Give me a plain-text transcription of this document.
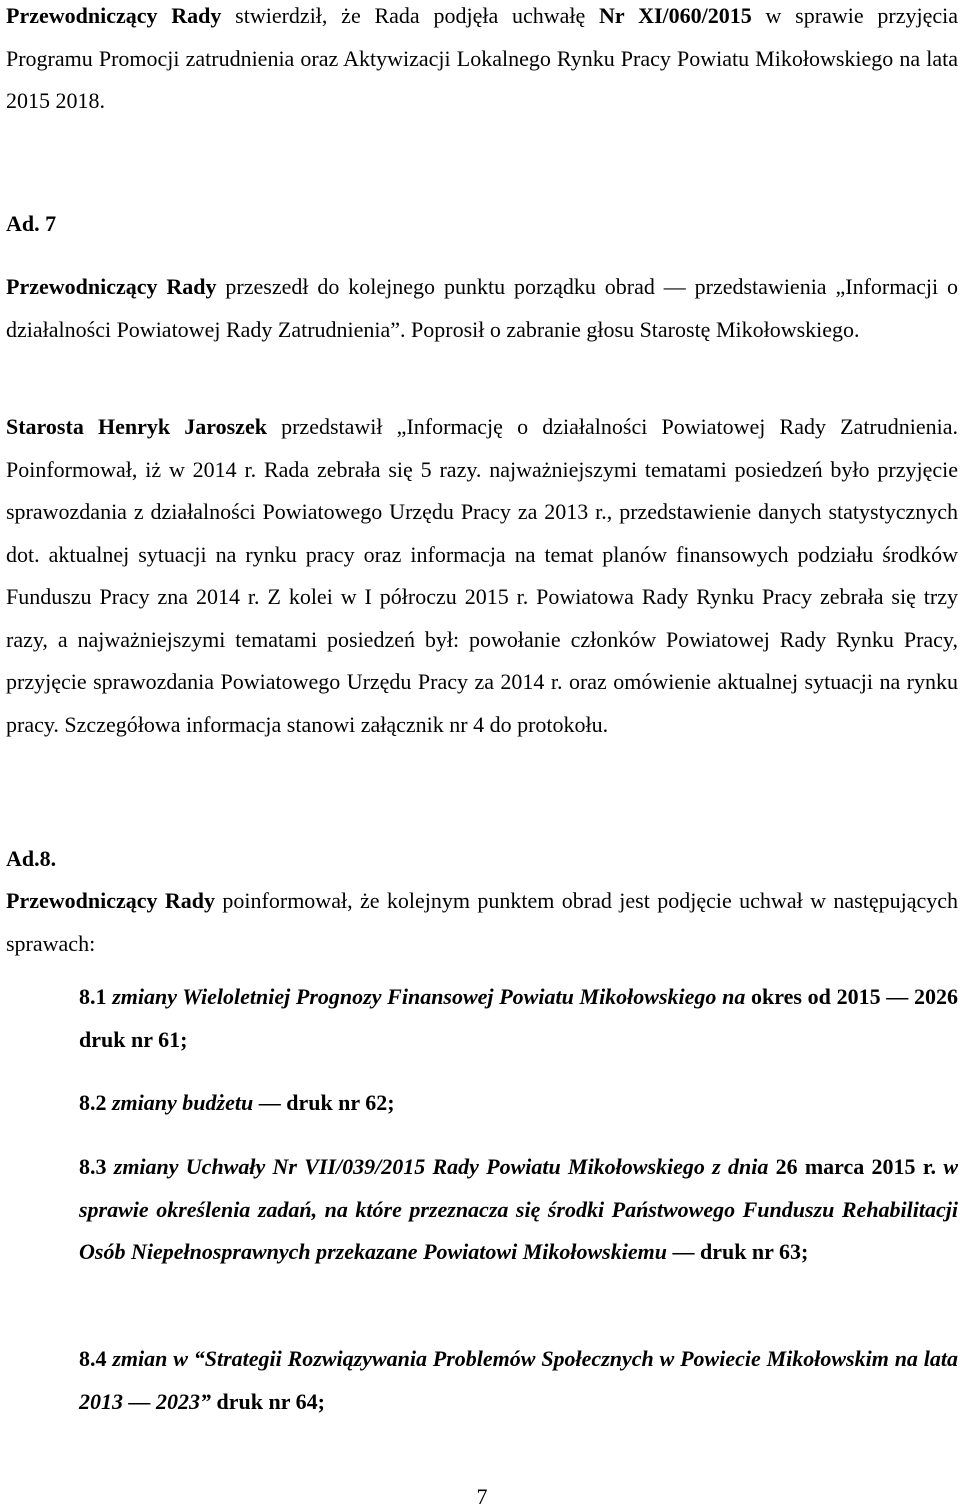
Przewodniczący Rady stwierdził, że Rada podjęła uchwałę Nr XI/060/2015 w sprawie przyjęcia Programu Promocji zatrudnienia oraz Aktywizacji Lokalnego Rynku Pracy Powiatu Mikołowskiego na lata 2015 2018.

Ad. 7

Przewodniczący Rady przeszedł do kolejnego punktu porządku obrad ― przedstawienia „Informacji o działalności Powiatowej Rady Zatrudnienia”. Poprosił o zabranie głosu Starostę Mikołowskiego.

Starosta Henryk Jaroszek przedstawił „Informację o działalności Powiatowej Rady Zatrudnienia. Poinformował, iż w 2014 r. Rada zebrała się 5 razy. najważniejszymi tematami posiedzeń było przyjęcie sprawozdania z działalności Powiatowego Urzędu Pracy za 2013 r., przedstawienie danych statystycznych dot. aktualnej sytuacji na rynku pracy oraz informacja na temat planów finansowych podziału środków Funduszu Pracy zna 2014 r. Z kolei w I półroczu 2015 r. Powiatowa Rady Rynku Pracy zebrała się trzy razy, a najważniejszymi tematami posiedzeń był: powołanie członków Powiatowej Rady Rynku Pracy, przyjęcie sprawozdania Powiatowego Urzędu Pracy za 2014 r. oraz omówienie aktualnej sytuacji na rynku pracy. Szczegółowa informacja stanowi załącznik nr 4 do protokołu.

Ad.8.

Przewodniczący Rady poinformował, że kolejnym punktem obrad jest podjęcie uchwał w następujących sprawach:

8.1 zmiany Wieloletniej Prognozy Finansowej Powiatu Mikołowskiego na okres od 2015 ― 2026 druk nr 61;

8.2 zmiany budżetu ― druk nr 62;

8.3 zmiany Uchwały Nr VII/039/2015 Rady Powiatu Mikołowskiego z dnia 26 marca 2015 r. w sprawie określenia zadań, na które przeznacza się środki Państwowego Funduszu Rehabilitacji Osób Niepełnosprawnych przekazane Powiatowi Mikołowskiemu ― druk nr 63;

8.4 zmian w “Strategii Rozwiązywania Problemów Społecznych w Powiecie Mikołowskim na lata 2013 ― 2023” druk nr 64;

7
